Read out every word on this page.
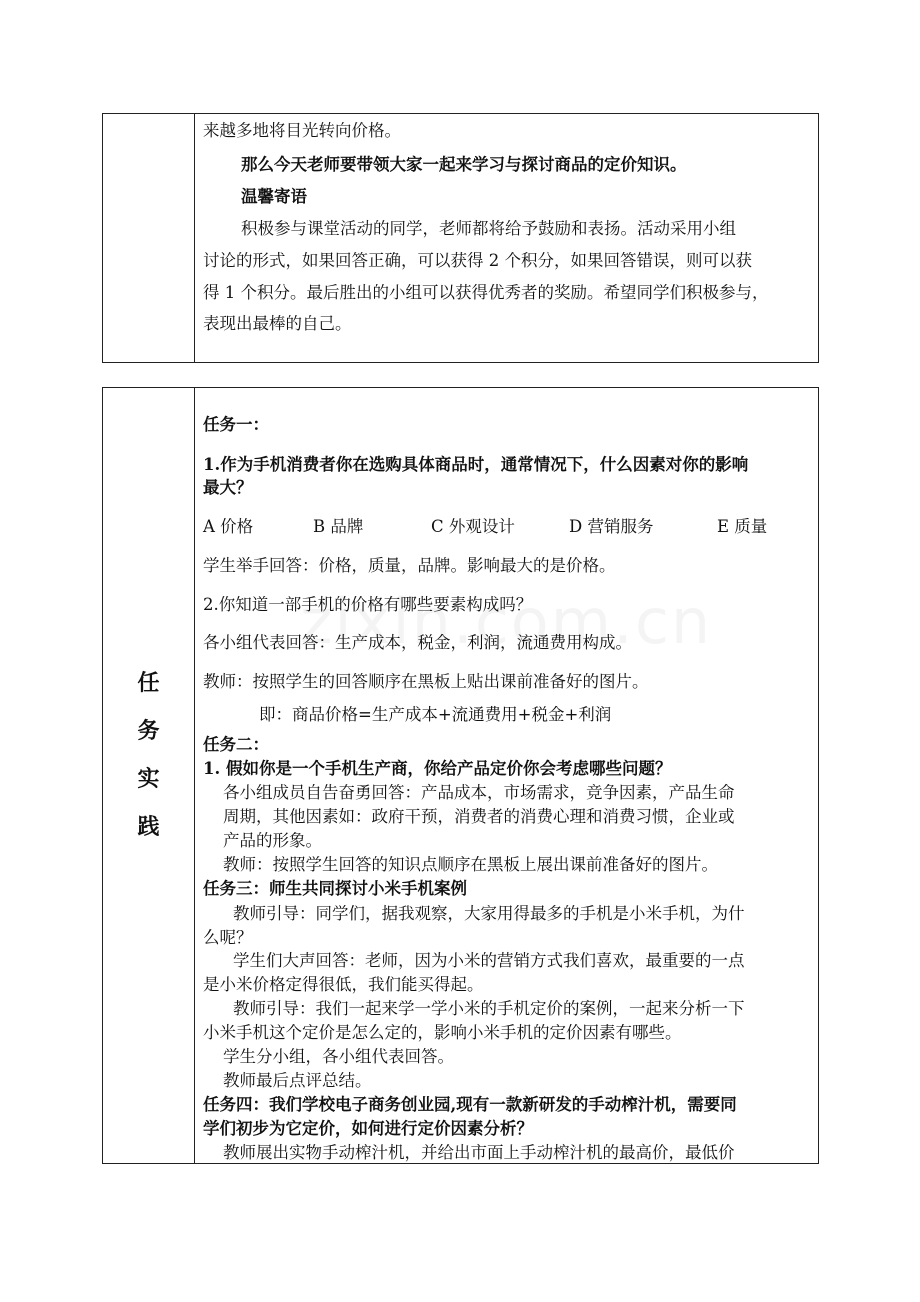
来越多地将目光转向价格。
那么今天老师要带领大家一起来学习与探讨商品的定价知识。
温馨寄语
积极参与课堂活动的同学，老师都将给予鼓励和表扬。活动采用小组
讨论的形式，如果回答正确，可以获得 2 个积分，如果回答错误，则可以获
得 1 个积分。最后胜出的小组可以获得优秀者的奖励。希望同学们积极参与，
表现出最棒的自己。
任
务
实
践
任务一：
1.作为手机消费者你在选购具体商品时，通常情况下，什么因素对你的影响
最大？
A 价格	B 品牌	C 外观设计	D 营销服务	E 质量
学生举手回答：价格，质量，品牌。影响最大的是价格。
2.你知道一部手机的价格有哪些要素构成吗？
各小组代表回答：生产成本，税金，利润，流通费用构成。
教师：按照学生的回答顺序在黑板上贴出课前准备好的图片。
即：商品价格=生产成本+流通费用+税金+利润
任务二：
1. 假如你是一个手机生产商，你给产品定价你会考虑哪些问题？
各小组成员自告奋勇回答：产品成本，市场需求，竞争因素，产品生命
周期，其他因素如：政府干预，消费者的消费心理和消费习惯，企业或
产品的形象。
教师：按照学生回答的知识点顺序在黑板上展出课前准备好的图片。
任务三：师生共同探讨小米手机案例
教师引导：同学们，据我观察，大家用得最多的手机是小米手机，为什
么呢？
学生们大声回答：老师，因为小米的营销方式我们喜欢，最重要的一点
是小米价格定得很低，我们能买得起。
教师引导：我们一起来学一学小米的手机定价的案例，一起来分析一下
小米手机这个定价是怎么定的，影响小米手机的定价因素有哪些。
学生分小组，各小组代表回答。
教师最后点评总结。
任务四：我们学校电子商务创业园,现有一款新研发的手动榨汁机，需要同
学们初步为它定价，如何进行定价因素分析？
教师展出实物手动榨汁机，并给出市面上手动榨汁机的最高价，最低价
